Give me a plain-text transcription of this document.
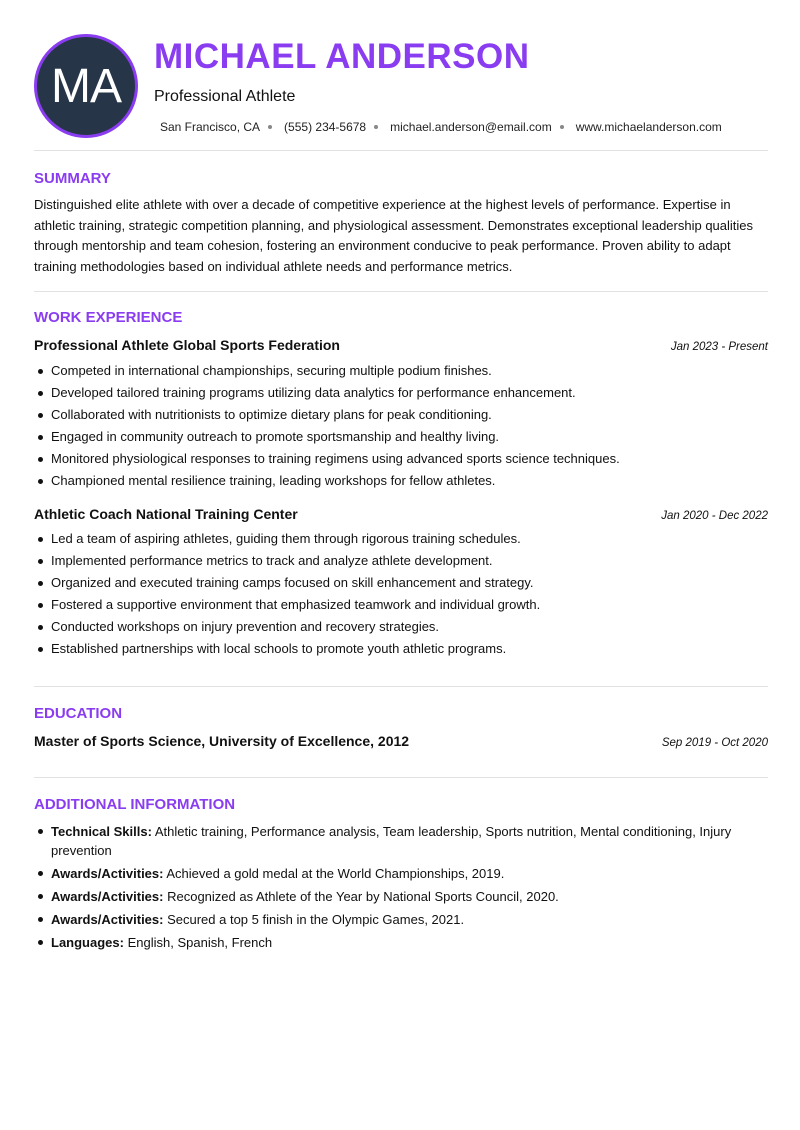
MA
MICHAEL ANDERSON
Professional Athlete
San Francisco, CA (555) 234-5678 michael.anderson@email.com www.michaelanderson.com
SUMMARY

Distinguished elite athlete with over a decade of competitive experience at the highest levels of performance. Expertise in athletic training, strategic competition planning, and physiological assessment. Demonstrates exceptional leadership qualities through mentorship and team cohesion, fostering an environment conducive to peak performance. Proven ability to adapt training methodologies based on individual athlete needs and performance metrics.

WORK EXPERIENCE
Professional Athlete Global Sports Federation	Jan 2023 - Present
Competed in international championships, securing multiple podium finishes.
Developed tailored training programs utilizing data analytics for performance enhancement.
Collaborated with nutritionists to optimize dietary plans for peak conditioning.
Engaged in community outreach to promote sportsmanship and healthy living.
Monitored physiological responses to training regimens using advanced sports science techniques.
Championed mental resilience training, leading workshops for fellow athletes.
Athletic Coach National Training Center	Jan 2020 - Dec 2022
Led a team of aspiring athletes, guiding them through rigorous training schedules.
Implemented performance metrics to track and analyze athlete development.
Organized and executed training camps focused on skill enhancement and strategy.
Fostered a supportive environment that emphasized teamwork and individual growth.
Conducted workshops on injury prevention and recovery strategies.
Established partnerships with local schools to promote youth athletic programs.
EDUCATION
Master of Sports Science, University of Excellence, 2012	Sep 2019 - Oct 2020
ADDITIONAL INFORMATION
Technical Skills: Athletic training, Performance analysis, Team leadership, Sports nutrition, Mental conditioning, Injury prevention
Awards/Activities: Achieved a gold medal at the World Championships, 2019.
Awards/Activities: Recognized as Athlete of the Year by National Sports Council, 2020.
Awards/Activities: Secured a top 5 finish in the Olympic Games, 2021.
Languages: English, Spanish, French
